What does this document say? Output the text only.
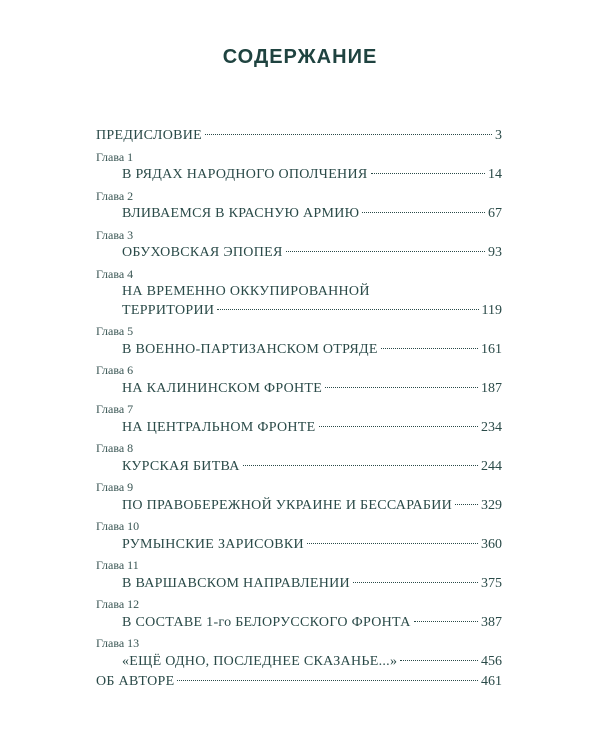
СОДЕРЖАНИЕ
ПРЕДИСЛОВИЕ	3
Глава 1
В РЯДАХ НАРОДНОГО ОПОЛЧЕНИЯ	14
Глава 2
ВЛИВАЕМСЯ В КРАСНУЮ АРМИЮ	67
Глава 3
ОБУХОВСКАЯ ЭПОПЕЯ	93
Глава 4
НА ВРЕМЕННО ОККУПИРОВАННОЙ
ТЕРРИТОРИИ	119
Глава 5
В ВОЕННО-ПАРТИЗАНСКОМ ОТРЯДЕ	161
Глава 6
НА КАЛИНИНСКОМ ФРОНТЕ	187
Глава 7
НА ЦЕНТРАЛЬНОМ ФРОНТЕ	234
Глава 8
КУРСКАЯ БИТВА	244
Глава 9
ПО ПРАВОБЕРЕЖНОЙ УКРАИНЕ И БЕССАРАБИИ 329
Глава 10
РУМЫНСКИЕ ЗАРИСОВКИ	360
Глава 11
В ВАРШАВСКОМ НАПРАВЛЕНИИ	375
Глава 12
В СОСТАВЕ 1-го БЕЛОРУССКОГО ФРОНТА	387
Глава 13
«ЕЩЁ ОДНО, ПОСЛЕДНЕЕ СКАЗАНЬЕ...»	456
ОБ АВТОРЕ	461
